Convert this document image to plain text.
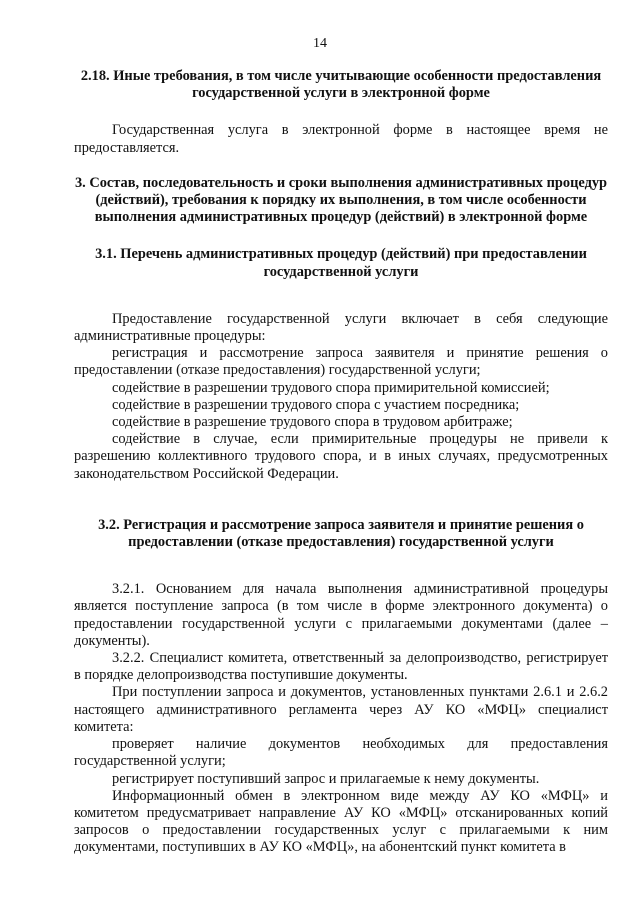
14

2.18. Иные требования, в том числе учитывающие особенности предоставления государственной услуги в электронной форме

Государственная услуга в электронной форме в настоящее время не предоставляется.

3. Состав, последовательность и сроки выполнения административных процедур (действий), требования к порядку их выполнения, в том числе особенности выполнения административных процедур (действий) в электронной форме

3.1. Перечень административных процедур (действий) при предоставлении государственной услуги

Предоставление государственной услуги включает в себя следующие административные процедуры:

регистрация и рассмотрение запроса заявителя и принятие решения о предоставлении (отказе предоставления) государственной услуги;

содействие в разрешении трудового спора примирительной комиссией;

содействие в разрешении трудового спора с участием посредника;

содействие в разрешение трудового спора в трудовом арбитраже;

содействие в случае, если примирительные процедуры не привели к разрешению коллективного трудового спора, и в иных случаях, предусмотренных законодательством Российской Федерации.

3.2. Регистрация и рассмотрение запроса заявителя и принятие решения о предоставлении (отказе предоставления) государственной услуги

3.2.1. Основанием для начала выполнения административной процедуры является поступление запроса (в том числе в форме электронного документа) о предоставлении государственной услуги с прилагаемыми документами (далее – документы).

3.2.2. Специалист комитета, ответственный за делопроизводство, регистрирует в порядке делопроизводства поступившие документы.

При поступлении запроса и документов, установленных пунктами 2.6.1 и 2.6.2 настоящего административного регламента через АУ КО «МФЦ» специалист комитета:

проверяет наличие документов необходимых для предоставления государственной услуги;

регистрирует поступивший запрос и прилагаемые к нему документы.

Информационный обмен в электронном виде между АУ КО «МФЦ» и комитетом предусматривает направление АУ КО «МФЦ» отсканированных копий запросов о предоставлении государственных услуг с прилагаемыми к ним документами, поступивших в АУ КО «МФЦ», на абонентский пункт комитета в
